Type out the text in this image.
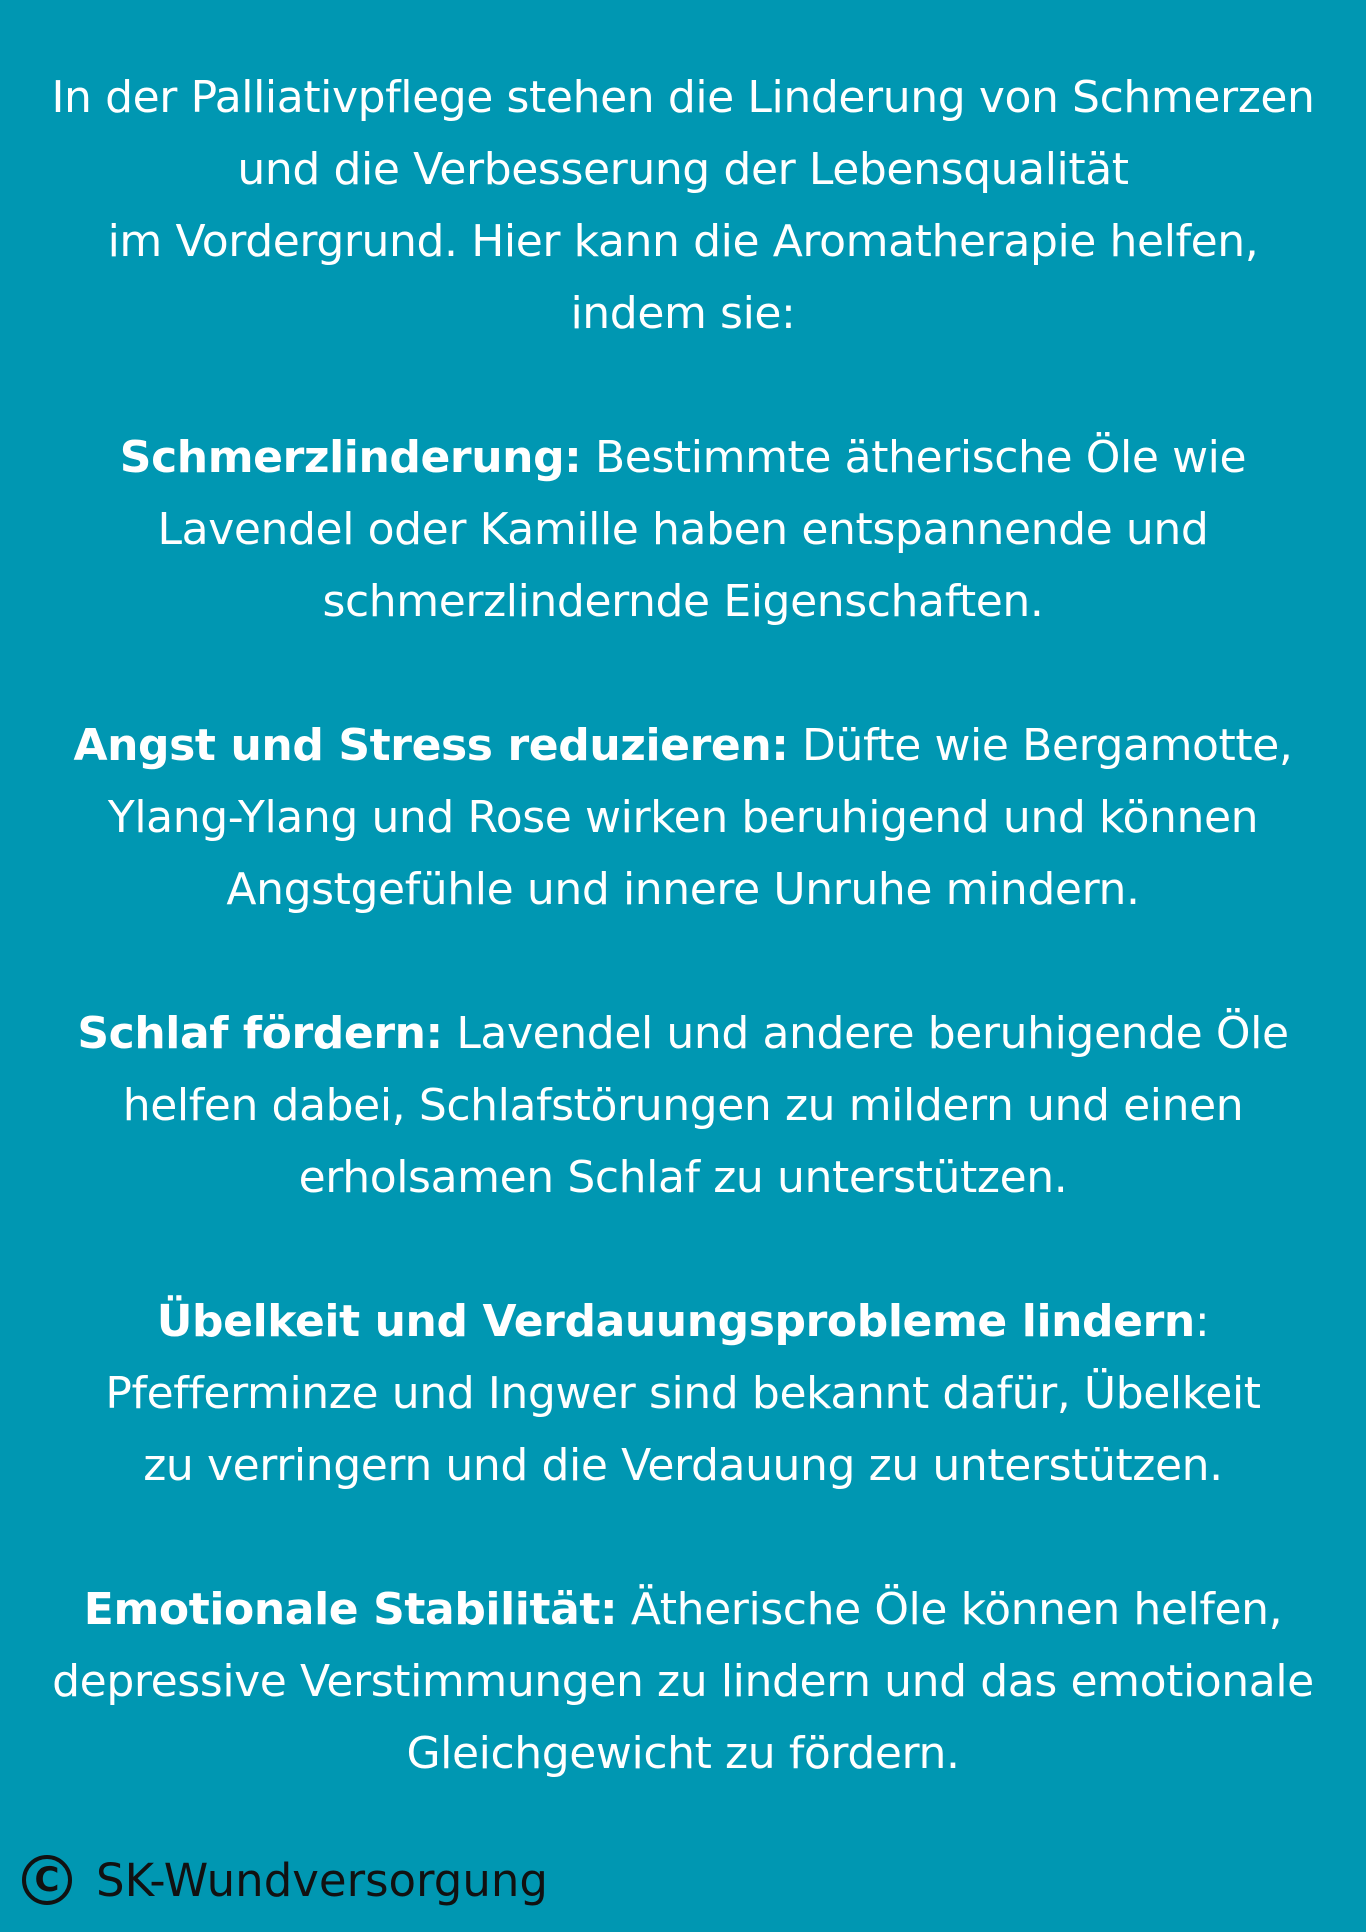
In der Palliativpflege stehen die Linderung von Schmerzen
und die Verbesserung der Lebensqualität
im Vordergrund. Hier kann die Aromatherapie helfen,
indem sie:

Schmerzlinderung: Bestimmte ätherische Öle wie
Lavendel oder Kamille haben entspannende und
schmerzlindernde Eigenschaften.

Angst und Stress reduzieren: Düfte wie Bergamotte,
Ylang-Ylang und Rose wirken beruhigend und können
Angstgefühle und innere Unruhe mindern.

Schlaf fördern: Lavendel und andere beruhigende Öle
helfen dabei, Schlafstörungen zu mildern und einen
erholsamen Schlaf zu unterstützen.

Übelkeit und Verdauungsprobleme lindern:
Pfefferminze und Ingwer sind bekannt dafür, Übelkeit
zu verringern und die Verdauung zu unterstützen.

Emotionale Stabilität: Ätherische Öle können helfen,
depressive Verstimmungen zu lindern und das emotionale
Gleichgewicht zu fördern.

C SK-Wundversorgung
